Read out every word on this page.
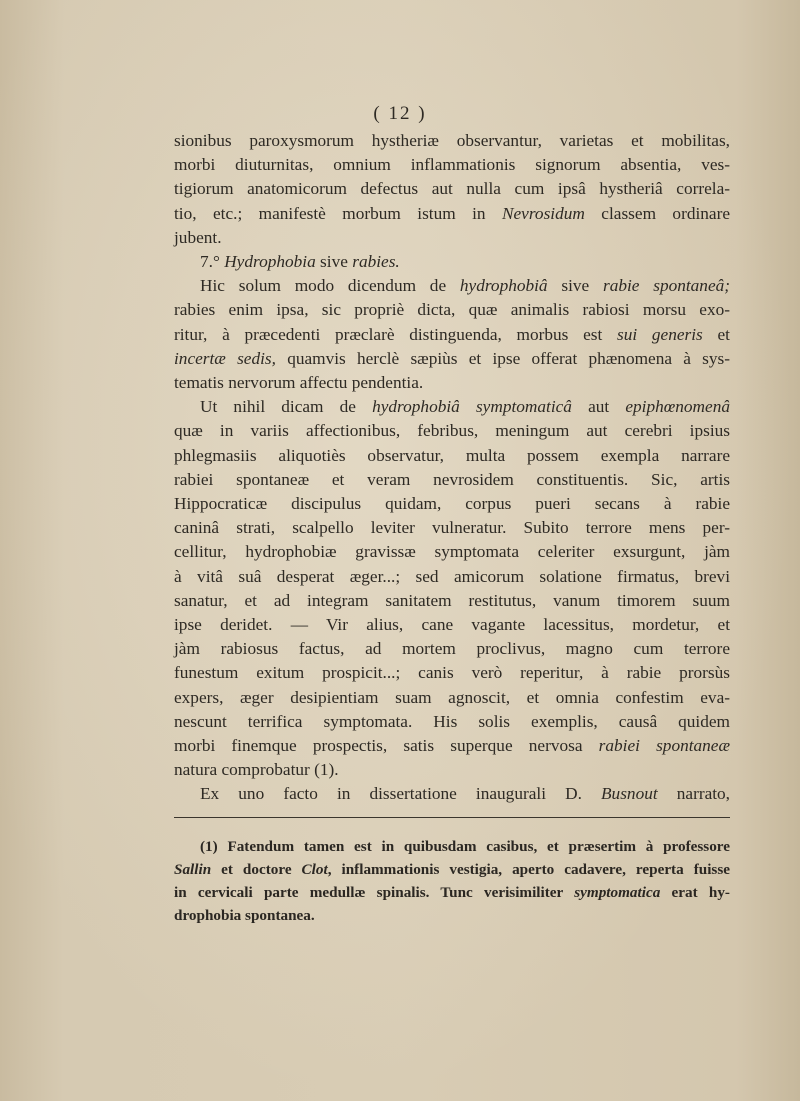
( 12 )
sionibus paroxysmorum hystheriæ observantur, varietas et mobilitas,
morbi diuturnitas, omnium inflammationis signorum absentia, ves-
tigiorum anatomicorum defectus aut nulla cum ipsâ hystheriâ correla-
tio, etc.; manifestè morbum istum in Nevrosidum classem ordinare
jubent.
7.° Hydrophobia sive rabies.
Hic solum modo dicendum de hydrophobiâ sive rabie spontaneâ;
rabies enim ipsa, sic propriè dicta, quæ animalis rabiosi morsu exo-
ritur, à præcedenti præclarè distinguenda, morbus est sui generis et
incertæ sedis, quamvis herclè sæpiùs et ipse offerat phænomena à sys-
tematis nervorum affectu pendentia.
Ut nihil dicam de hydrophobiâ symptomaticâ aut epiphœnomenâ
quæ in variis affectionibus, febribus, meningum aut cerebri ipsius
phlegmasiis aliquotiès observatur, multa possem exempla narrare
rabiei spontaneæ et veram nevrosidem constituentis. Sic, artis
Hippocraticæ discipulus quidam, corpus pueri secans à rabie
caninâ strati, scalpello leviter vulneratur. Subito terrore mens per-
cellitur, hydrophobiæ gravissæ symptomata celeriter exsurgunt, jàm
à vitâ suâ desperat æger...; sed amicorum solatione firmatus, brevi
sanatur, et ad integram sanitatem restitutus, vanum timorem suum
ipse deridet. — Vir alius, cane vagante lacessitus, mordetur, et
jàm rabiosus factus, ad mortem proclivus, magno cum terrore
funestum exitum prospicit...; canis verò reperitur, à rabie prorsùs
expers, æger desipientiam suam agnoscit, et omnia confestim eva-
nescunt terrifica symptomata. His solis exemplis, causâ quidem
morbi finemque prospectis, satis superque nervosa rabiei spontaneæ
natura comprobatur (1).
Ex uno facto in dissertatione inaugurali D. Busnout narrato,
(1) Fatendum tamen est in quibusdam casibus, et præsertim à professore
Sallin et doctore Clot, inflammationis vestigia, aperto cadavere, reperta fuisse
in cervicali parte medullæ spinalis. Tunc verisimiliter symptomatica erat hy-
drophobia spontanea.
